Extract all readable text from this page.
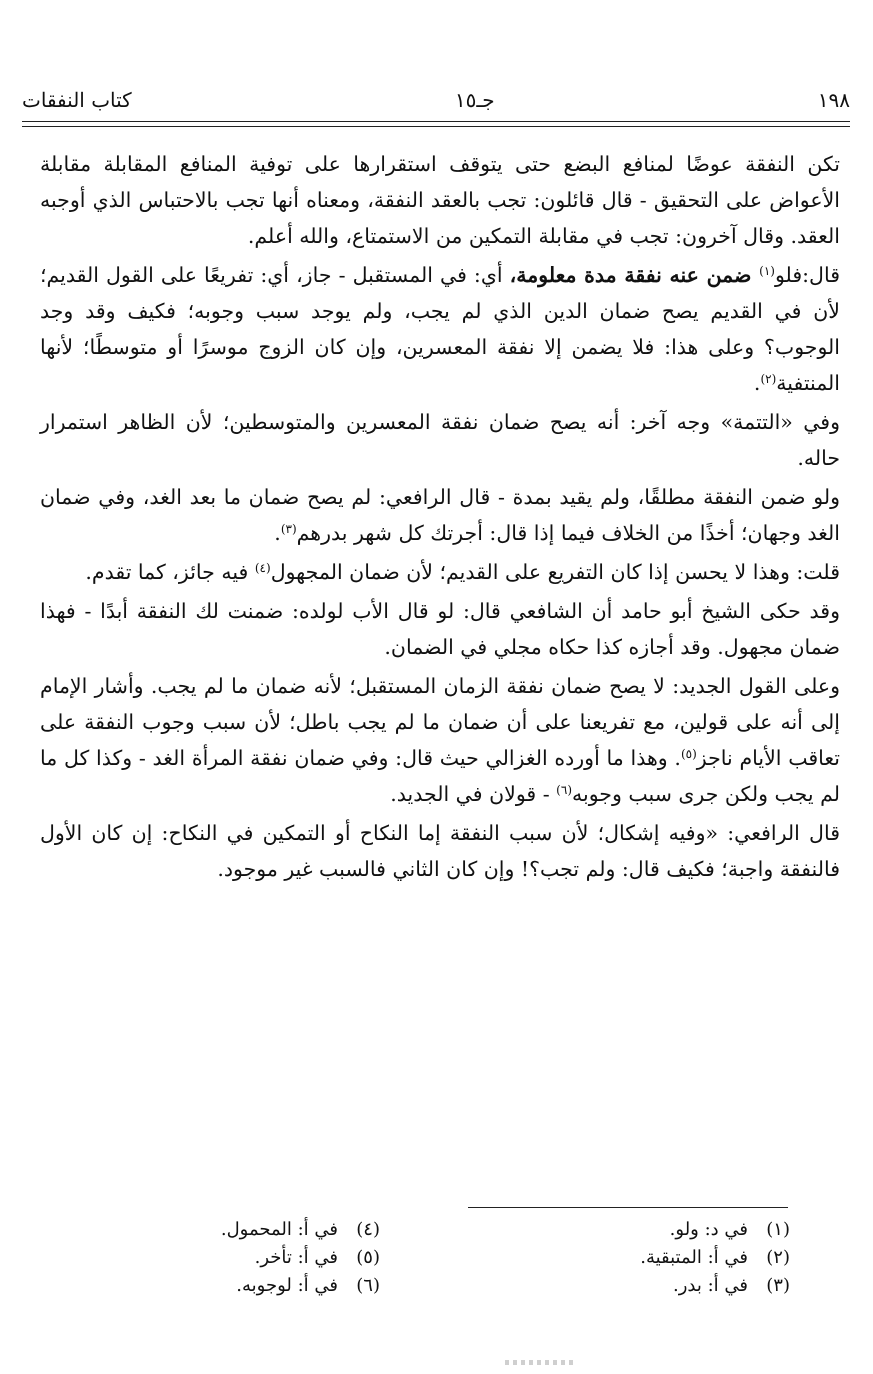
١٩٨
جـ١٥
كتاب النفقات

تكن النفقة عوضًا لمنافع البضع حتى يتوقف استقرارها على توفية المنافع المقابلة مقابلة الأعواض على التحقيق - قال قائلون: تجب بالعقد النفقة، ومعناه أنها تجب بالاحتباس الذي أوجبه العقد. وقال آخرون: تجب في مقابلة التمكين من الاستمتاع، والله أعلم.

قال:فلو$^{(١)}$ ضمن عنه نفقة مدة معلومة، أي: في المستقبل - جاز، أي: تفريعًا على القول القديم؛ لأن في القديم يصح ضمان الدين الذي لم يجب، ولم يوجد سبب وجوبه؛ فكيف وقد وجد الوجوب؟ وعلى هذا: فلا يضمن إلا نفقة المعسرين، وإن كان الزوج موسرًا أو متوسطًا؛ لأنها المنتفية$^{(٢)}$.

وفي «التتمة» وجه آخر: أنه يصح ضمان نفقة المعسرين والمتوسطين؛ لأن الظاهر استمرار حاله.

ولو ضمن النفقة مطلقًا، ولم يقيد بمدة - قال الرافعي: لم يصح ضمان ما بعد الغد، وفي ضمان الغد وجهان؛ أخذًا من الخلاف فيما إذا قال: أجرتك كل شهر بدرهم$^{(٣)}$.

قلت: وهذا لا يحسن إذا كان التفريع على القديم؛ لأن ضمان المجهول$^{(٤)}$ فيه جائز، كما تقدم.

وقد حكى الشيخ أبو حامد أن الشافعي قال: لو قال الأب لولده: ضمنت لك النفقة أبدًا - فهذا ضمان مجهول. وقد أجازه كذا حكاه مجلي في الضمان.

وعلى القول الجديد: لا يصح ضمان نفقة الزمان المستقبل؛ لأنه ضمان ما لم يجب. وأشار الإمام إلى أنه على قولين، مع تفريعنا على أن ضمان ما لم يجب باطل؛ لأن سبب وجوب النفقة على تعاقب الأيام ناجز$^{(٥)}$. وهذا ما أورده الغزالي حيث قال: وفي ضمان نفقة المرأة الغد - وكذا كل ما لم يجب ولكن جرى سبب وجوبه$^{(٦)}$ - قولان في الجديد.

قال الرافعي: «وفيه إشكال؛ لأن سبب النفقة إما النكاح أو التمكين في النكاح: إن كان الأول فالنفقة واجبة؛ فكيف قال: ولم تجب؟! وإن كان الثاني فالسبب غير موجود.

(١)في د: ولو.
(٢)في أ: المتبقية.
(٣)في أ: بدر.
(٤)في أ: المحمول.
(٥)في أ: تأخر.
(٦)في أ: لوجوبه.
